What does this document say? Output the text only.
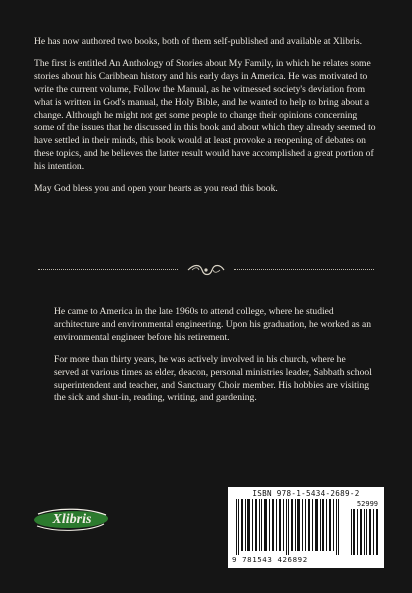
He has now authored two books, both of them self-published and available at Xlibris.

The first is entitled An Anthology of Stories about My Family, in which he relates some stories about his Caribbean history and his early days in America. He was motivated to write the current volume, Follow the Manual, as he witnessed society's deviation from what is written in God's manual, the Holy Bible, and he wanted to help to bring about a change. Although he might not get some people to change their opinions concerning some of the issues that he discussed in this book and about which they already seemed to have settled in their minds, this book would at least provoke a reopening of debates on these topics, and he believes the latter result would have accomplished a great portion of his intention.

May God bless you and open your hearts as you read this book.

He came to America in the late 1960s to attend college, where he studied architecture and environmental engineering. Upon his graduation, he worked as an environmental engineer before his retirement.

For more than thirty years, he was actively involved in his church, where he served at various times as elder, deacon, personal ministries leader, Sabbath school superintendent and teacher, and Sanctuary Choir member. His hobbies are visiting the sick and shut-in, reading, writing, and gardening.

Xlibris
ISBN 978-1-5434-2689-2
52999
9 781543 426892
